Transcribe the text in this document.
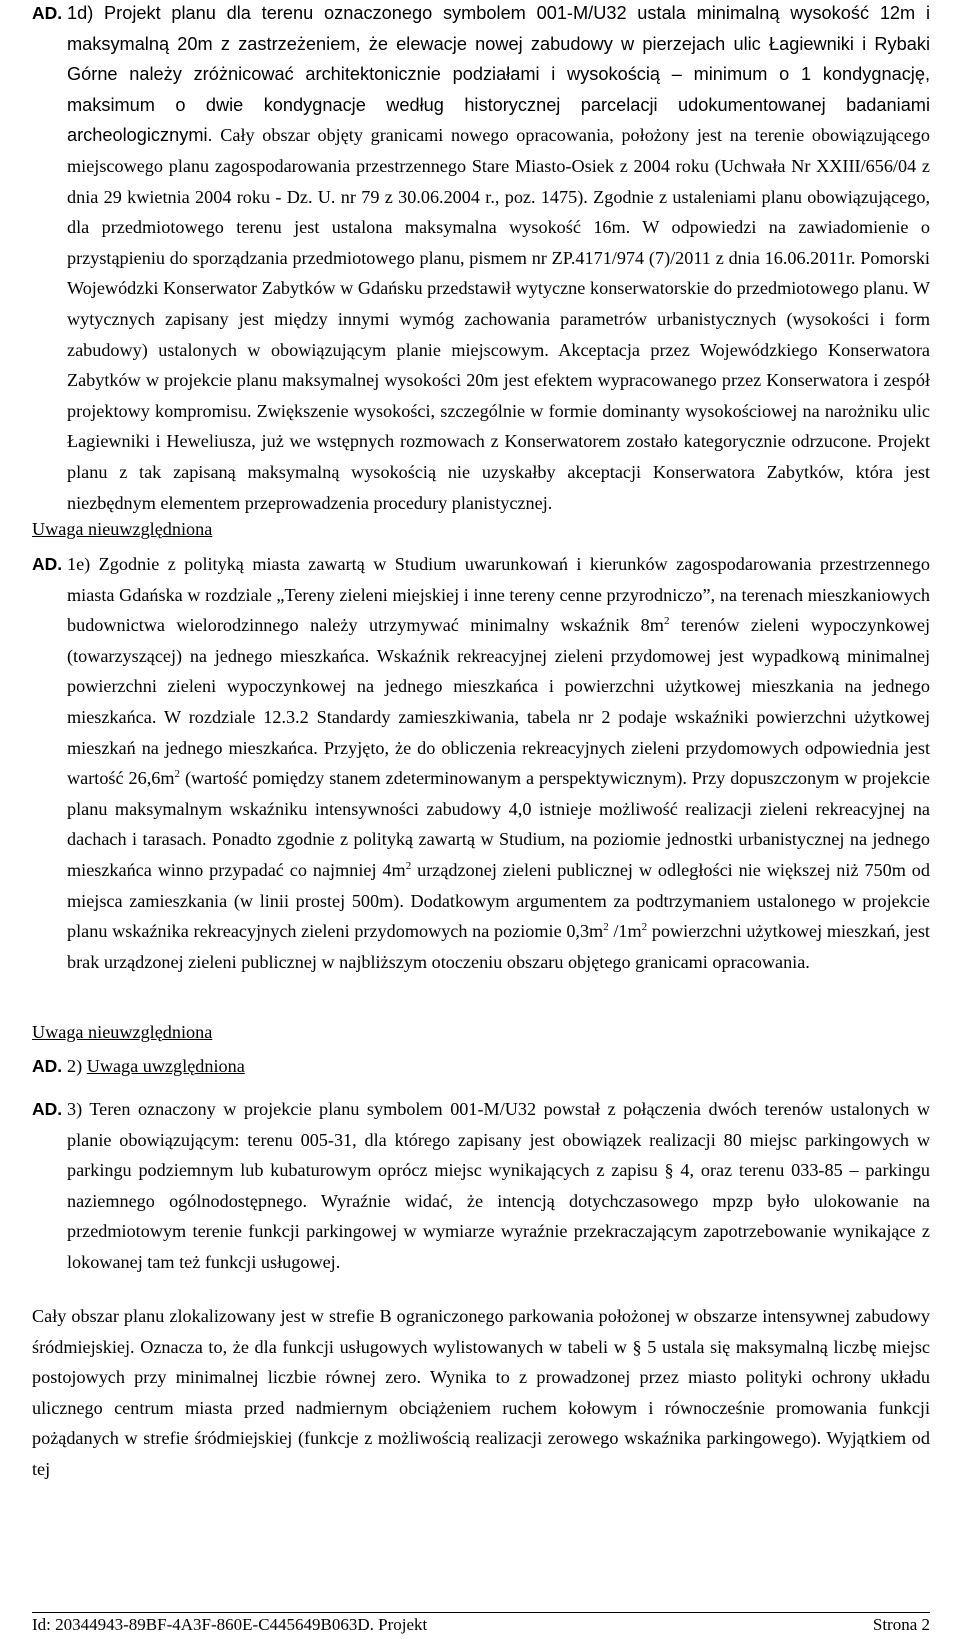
AD. 1d) Projekt planu dla terenu oznaczonego symbolem 001-M/U32 ustala minimalną wysokość 12m i maksymalną 20m z zastrzeżeniem, że elewacje nowej zabudowy w pierzejach ulic Łagiewniki i Rybaki Górne należy zróżnicować architektonicznie podziałami i wysokością – minimum o 1 kondygnację, maksimum o dwie kondygnacje według historycznej parcelacji udokumentowanej badaniami archeologicznymi. Cały obszar objęty granicami nowego opracowania, położony jest na terenie obowiązującego miejscowego planu zagospodarowania przestrzennego Stare Miasto-Osiek z 2004 roku (Uchwała Nr XXIII/656/04 z dnia 29 kwietnia 2004 roku - Dz. U. nr 79 z 30.06.2004 r., poz. 1475). Zgodnie z ustaleniami planu obowiązującego, dla przedmiotowego terenu jest ustalona maksymalna wysokość 16m. W odpowiedzi na zawiadomienie o przystąpieniu do sporządzania przedmiotowego planu, pismem nr ZP.4171/974 (7)/2011 z dnia 16.06.2011r. Pomorski Wojewódzki Konserwator Zabytków w Gdańsku przedstawił wytyczne konserwatorskie do przedmiotowego planu. W wytycznych zapisany jest między innymi wymóg zachowania parametrów urbanistycznych (wysokości i form zabudowy) ustalonych w obowiązującym planie miejscowym. Akceptacja przez Wojewódzkiego Konserwatora Zabytków w projekcie planu maksymalnej wysokości 20m jest efektem wypracowanego przez Konserwatora i zespół projektowy kompromisu. Zwiększenie wysokości, szczególnie w formie dominanty wysokościowej na narożniku ulic Łagiewniki i Heweliusza, już we wstępnych rozmowach z Konserwatorem zostało kategorycznie odrzucone. Projekt planu z tak zapisaną maksymalną wysokością nie uzyskałby akceptacji Konserwatora Zabytków, która jest niezbędnym elementem przeprowadzenia procedury planistycznej.
Uwaga nieuwzględniona
AD. 1e) Zgodnie z polityką miasta zawartą w Studium uwarunkowań i kierunków zagospodarowania przestrzennego miasta Gdańska w rozdziale „Tereny zieleni miejskiej i inne tereny cenne przyrodniczo”, na terenach mieszkaniowych budownictwa wielorodzinnego należy utrzymywać minimalny wskaźnik $8m^2$ terenów zieleni wypoczynkowej (towarzyszącej) na jednego mieszkańca. Wskaźnik rekreacyjnej zieleni przydomowej jest wypadkową minimalnej powierzchni zieleni wypoczynkowej na jednego mieszkańca i powierzchni użytkowej mieszkania na jednego mieszkańca. W rozdziale 12.3.2 Standardy zamieszkiwania, tabela nr 2 podaje wskaźniki powierzchni użytkowej mieszkań na jednego mieszkańca. Przyjęto, że do obliczenia rekreacyjnych zieleni przydomowych odpowiednia jest wartość $26,6m^2$ (wartość pomiędzy stanem zdeterminowanym a perspektywicznym). Przy dopuszczonym w projekcie planu maksymalnym wskaźniku intensywności zabudowy 4,0 istnieje możliwość realizacji zieleni rekreacyjnej na dachach i tarasach. Ponadto zgodnie z polityką zawartą w Studium, na poziomie jednostki urbanistycznej na jednego mieszkańca winno przypadać co najmniej $4m^2$ urządzonej zieleni publicznej w odległości nie większej niż 750m od miejsca zamieszkania (w linii prostej 500m). Dodatkowym argumentem za podtrzymaniem ustalonego w projekcie planu wskaźnika rekreacyjnych zieleni przydomowych na poziomie $0,3m^2$ $/1m^2$ powierzchni użytkowej mieszkań, jest brak urządzonej zieleni publicznej w najbliższym otoczeniu obszaru objętego granicami opracowania.
Uwaga nieuwzględniona
AD. 2) Uwaga uwzględniona
AD. 3) Teren oznaczony w projekcie planu symbolem 001-M/U32 powstał z połączenia dwóch terenów ustalonych w planie obowiązującym: terenu 005-31, dla którego zapisany jest obowiązek realizacji 80 miejsc parkingowych w parkingu podziemnym lub kubaturowym oprócz miejsc wynikających z zapisu § 4, oraz terenu 033-85 – parkingu naziemnego ogólnodostępnego. Wyraźnie widać, że intencją dotychczasowego mpzp było ulokowanie na przedmiotowym terenie funkcji parkingowej w wymiarze wyraźnie przekraczającym zapotrzebowanie wynikające z lokowanej tam też funkcji usługowej.
Cały obszar planu zlokalizowany jest w strefie B ograniczonego parkowania położonej w obszarze intensywnej zabudowy śródmiejskiej. Oznacza to, że dla funkcji usługowych wylistowanych w tabeli w § 5 ustala się maksymalną liczbę miejsc postojowych przy minimalnej liczbie równej zero. Wynika to z prowadzonej przez miasto polityki ochrony układu ulicznego centrum miasta przed nadmiernym obciążeniem ruchem kołowym i równocześnie promowania funkcji pożądanych w strefie śródmiejskiej (funkcje z możliwością realizacji zerowego wskaźnika parkingowego). Wyjątkiem od tej
Id: 20344943-89BF-4A3F-860E-C445649B063D. Projekt	Strona 2
